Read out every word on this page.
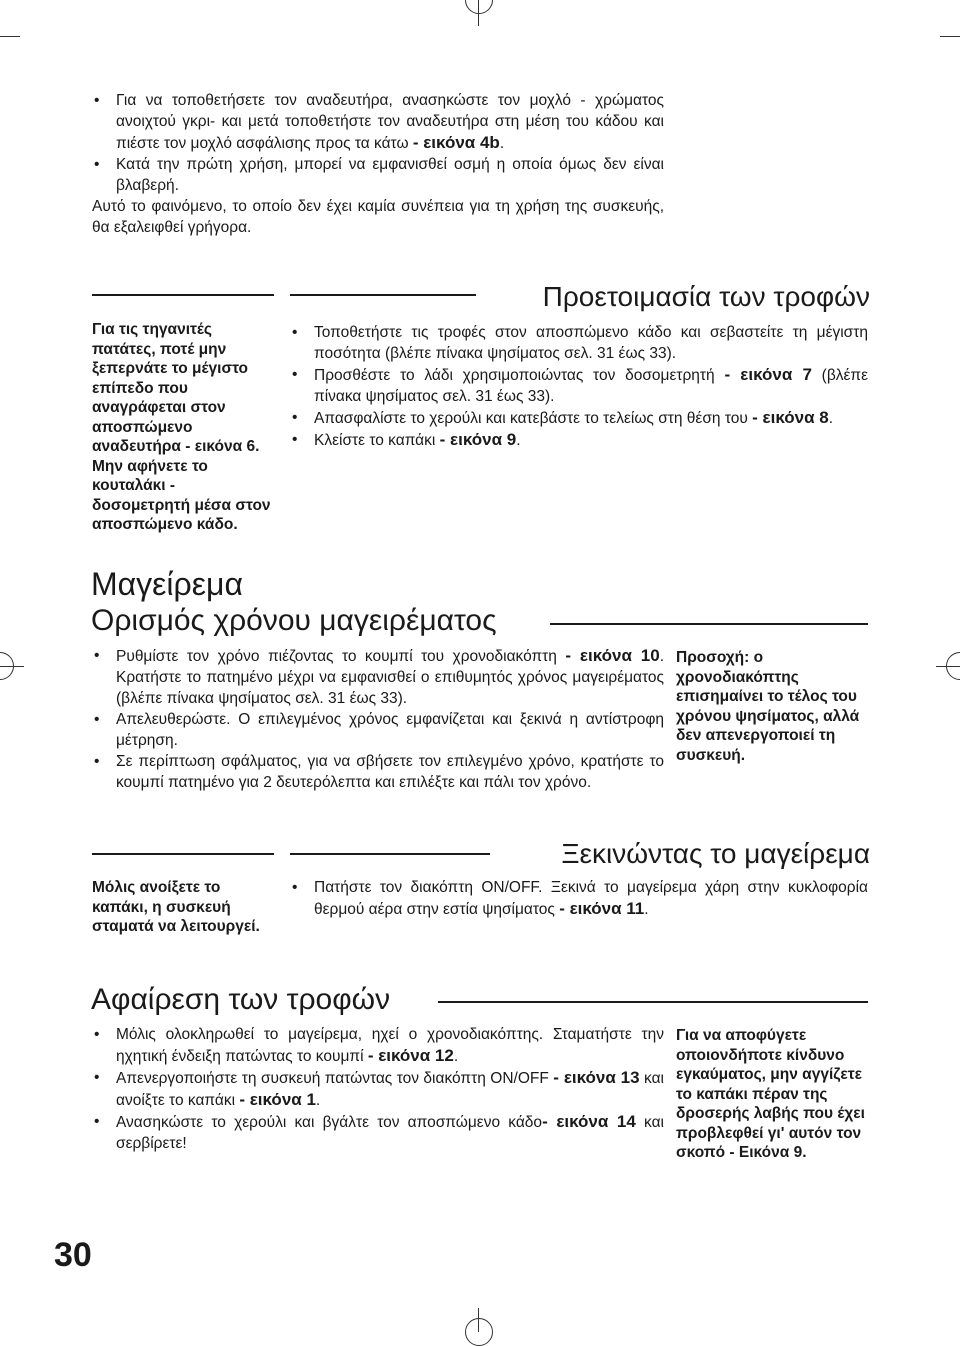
• Για να τοποθετήσετε τον αναδευτήρα, ανασηκώστε τον μοχλό - χρώματος ανοιχτού γκρι- και μετά τοποθετήστε τον αναδευτήρα στη μέση του κάδου και πιέστε τον μοχλό ασφάλισης προς τα κάτω - εικόνα 4b.
• Κατά την πρώτη χρήση, μπορεί να εμφανισθεί οσμή η οποία όμως δεν είναι βλαβερή.
Αυτό το φαινόμενο, το οποίο δεν έχει καμία συνέπεια για τη χρήση της συσκευής, θα εξαλειφθεί γρήγορα.
Προετοιμασία των τροφών
Για τις τηγανιτές πατάτες, ποτέ μην ξεπερνάτε το μέγιστο επίπεδο που αναγράφεται στον αποσπώμενο αναδευτήρα - εικόνα 6. Μην αφήνετε το κουταλάκι - δοσομετρητή μέσα στον αποσπώμενο κάδο.
• Τοποθετήστε τις τροφές στον αποσπώμενο κάδο και σεβαστείτε τη μέγιστη ποσότητα (βλέπε πίνακα ψησίματος σελ. 31 έως 33).
• Προσθέστε το λάδι χρησιμοποιώντας τον δοσομετρητή - εικόνα 7 (βλέπε πίνακα ψησίματος σελ. 31 έως 33).
• Απασφαλίστε το χερούλι και κατεβάστε το τελείως στη θέση του - εικόνα 8.
• Κλείστε το καπάκι - εικόνα 9.
Μαγείρεμα
Ορισμός χρόνου μαγειρέματος
• Ρυθμίστε τον χρόνο πιέζοντας το κουμπί του χρονοδιακόπτη - εικόνα 10. Κρατήστε το πατημένο μέχρι να εμφανισθεί ο επιθυμητός χρόνος μαγειρέματος (βλέπε πίνακα ψησίματος σελ. 31 έως 33).
• Απελευθερώστε. Ο επιλεγμένος χρόνος εμφανίζεται και ξεκινά η αντίστροφη μέτρηση.
• Σε περίπτωση σφάλματος, για να σβήσετε τον επιλεγμένο χρόνο, κρατήστε το κουμπί πατημένο για 2 δευτερόλεπτα και επιλέξτε και πάλι τον χρόνο.
Προσοχή: ο χρονοδιακόπτης επισημαίνει το τέλος του χρόνου ψησίματος, αλλά δεν απενεργοποιεί τη συσκευή.
Ξεκινώντας το μαγείρεμα
Μόλις ανοίξετε το καπάκι, η συσκευή σταματά να λειτουργεί.
• Πατήστε τον διακόπτη ON/OFF. Ξεκινά το μαγείρεμα χάρη στην κυκλοφορία θερμού αέρα στην εστία ψησίματος - εικόνα 11.
Αφαίρεση των τροφών
• Μόλις ολοκληρωθεί το μαγείρεμα, ηχεί ο χρονοδιακόπτης. Σταματήστε την ηχητική ένδειξη πατώντας το κουμπί - εικόνα 12.
• Απενεργοποιήστε τη συσκευή πατώντας τον διακόπτη ON/OFF - εικόνα 13 και ανοίξτε το καπάκι - εικόνα 1.
• Ανασηκώστε το χερούλι και βγάλτε τον αποσπώμενο κάδο- εικόνα 14 και σερβίρετε!
Για να αποφύγετε οποιονδήποτε κίνδυνο εγκαύματος, μην αγγίζετε το καπάκι πέραν της δροσερής λαβής που έχει προβλεφθεί γι' αυτόν τον σκοπό - Εικόνα 9.
30
